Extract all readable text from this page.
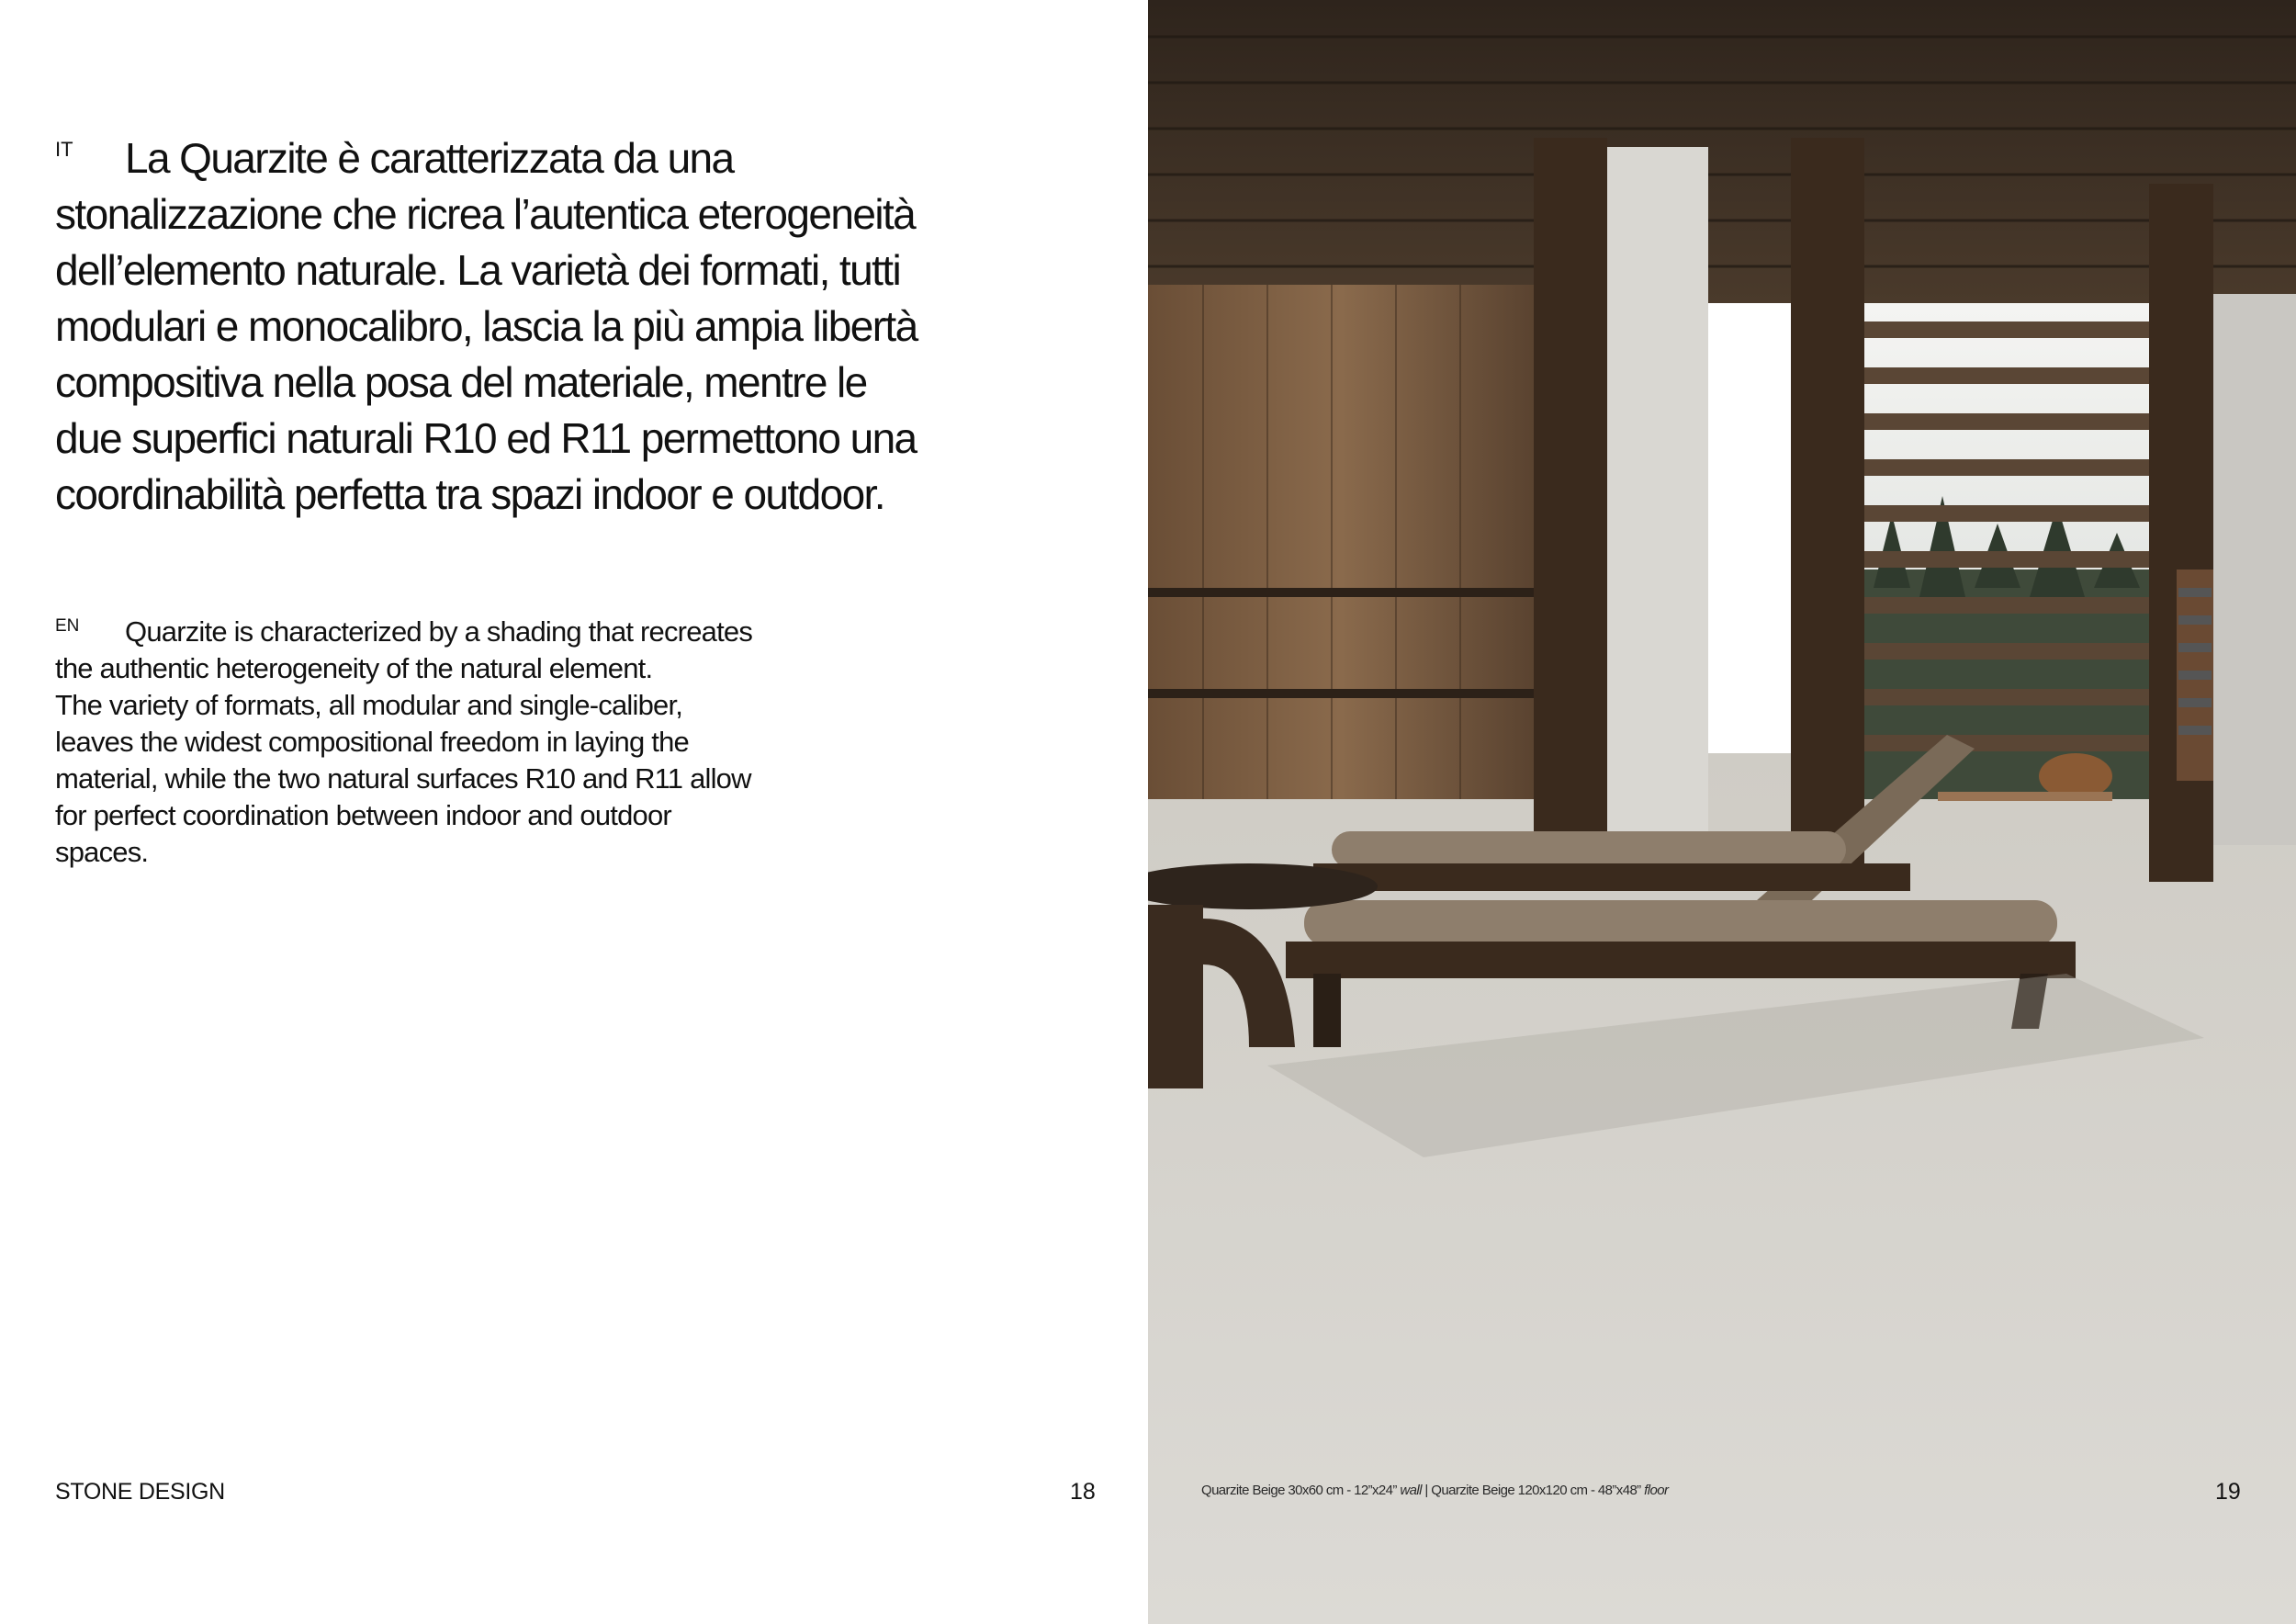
IT	La Quarzite è caratterizzata da una
stonalizzazione che ricrea l’autentica eterogeneità
dell’elemento naturale. La varietà dei formati, tutti
modulari e monocalibro, lascia la più ampia libertà
compositiva nella posa del materiale, mentre le
due superfici naturali R10 ed R11 permettono una
coordinabilità perfetta tra spazi indoor e outdoor.
EN	Quarzite is characterized by a shading that recreates
the authentic heterogeneity of the natural element.
The variety of formats, all modular and single-caliber,
leaves the widest compositional freedom in laying the
material, while the two natural surfaces R10 and R11 allow
for perfect coordination between indoor and outdoor
spaces.
STONE DESIGN	18	Quarzite Beige 30x60 cm - 12”x24” wall | Quarzite Beige 120x120 cm - 48”x48” floor	19
